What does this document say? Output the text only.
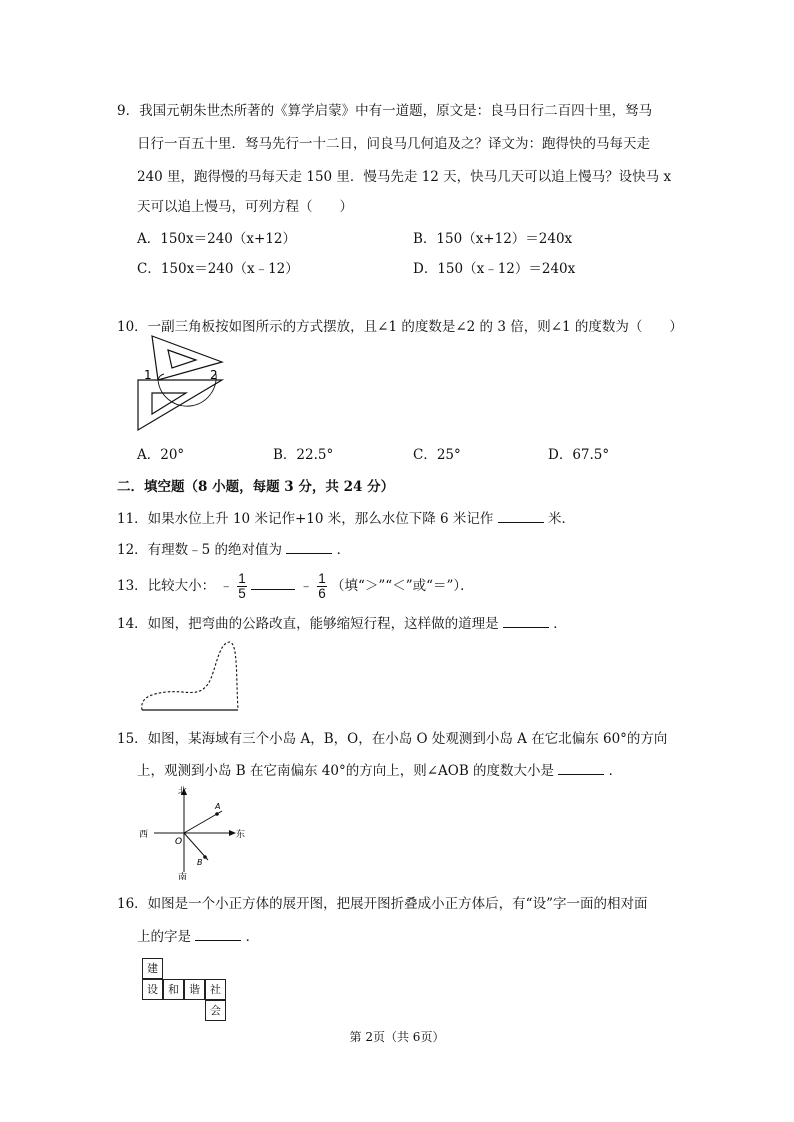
9．我国元朝朱世杰所著的《算学启蒙》中有一道题，原文是：良马日行二百四十里，驽马
日行一百五十里．驽马先行一十二日，问良马几何追及之？译文为：跑得快的马每天走
240 里，跑得慢的马每天走 150 里．慢马先走 12 天，快马几天可以追上慢马？设快马 x
天可以追上慢马，可列方程（　　）
A．150x＝240（x+12）	B．150（x+12）＝240x
C．150x＝240（x﹣12）	D．150（x﹣12）＝240x
10．一副三角板按如图所示的方式摆放，且∠1 的度数是∠2 的 3 倍，则∠1 的度数为（　　）
1	2
A．20°	B．22.5°	C．25°	D．67.5°
二．填空题（8 小题，每题 3 分，共 24 分）
11．如果水位上升 10 米记作+10 米，那么水位下降 6 米记作	米．
12．有理数﹣5 的绝对值为	．
13．比较大小： ﹣ $\frac{1}{5}$	﹣ $\frac{1}{6}$ （填“＞”“＜”或“＝”）．
14．如图，把弯曲的公路改直，能够缩短行程，这样做的道理是	．
15．如图，某海域有三个小岛 A，B，O，在小岛 O 处观测到小岛 A 在它北偏东 60°的方向
上，观测到小岛 B 在它南偏东 40°的方向上，则∠AOB 的度数大小是	．
北
南
东
西
O
A
B
16．如图是一个小正方体的展开图，把展开图折叠成小正方体后，有“设”字一面的相对面
上的字是	．
建
设 和 谐 社
会
第 2页（共 6页）
